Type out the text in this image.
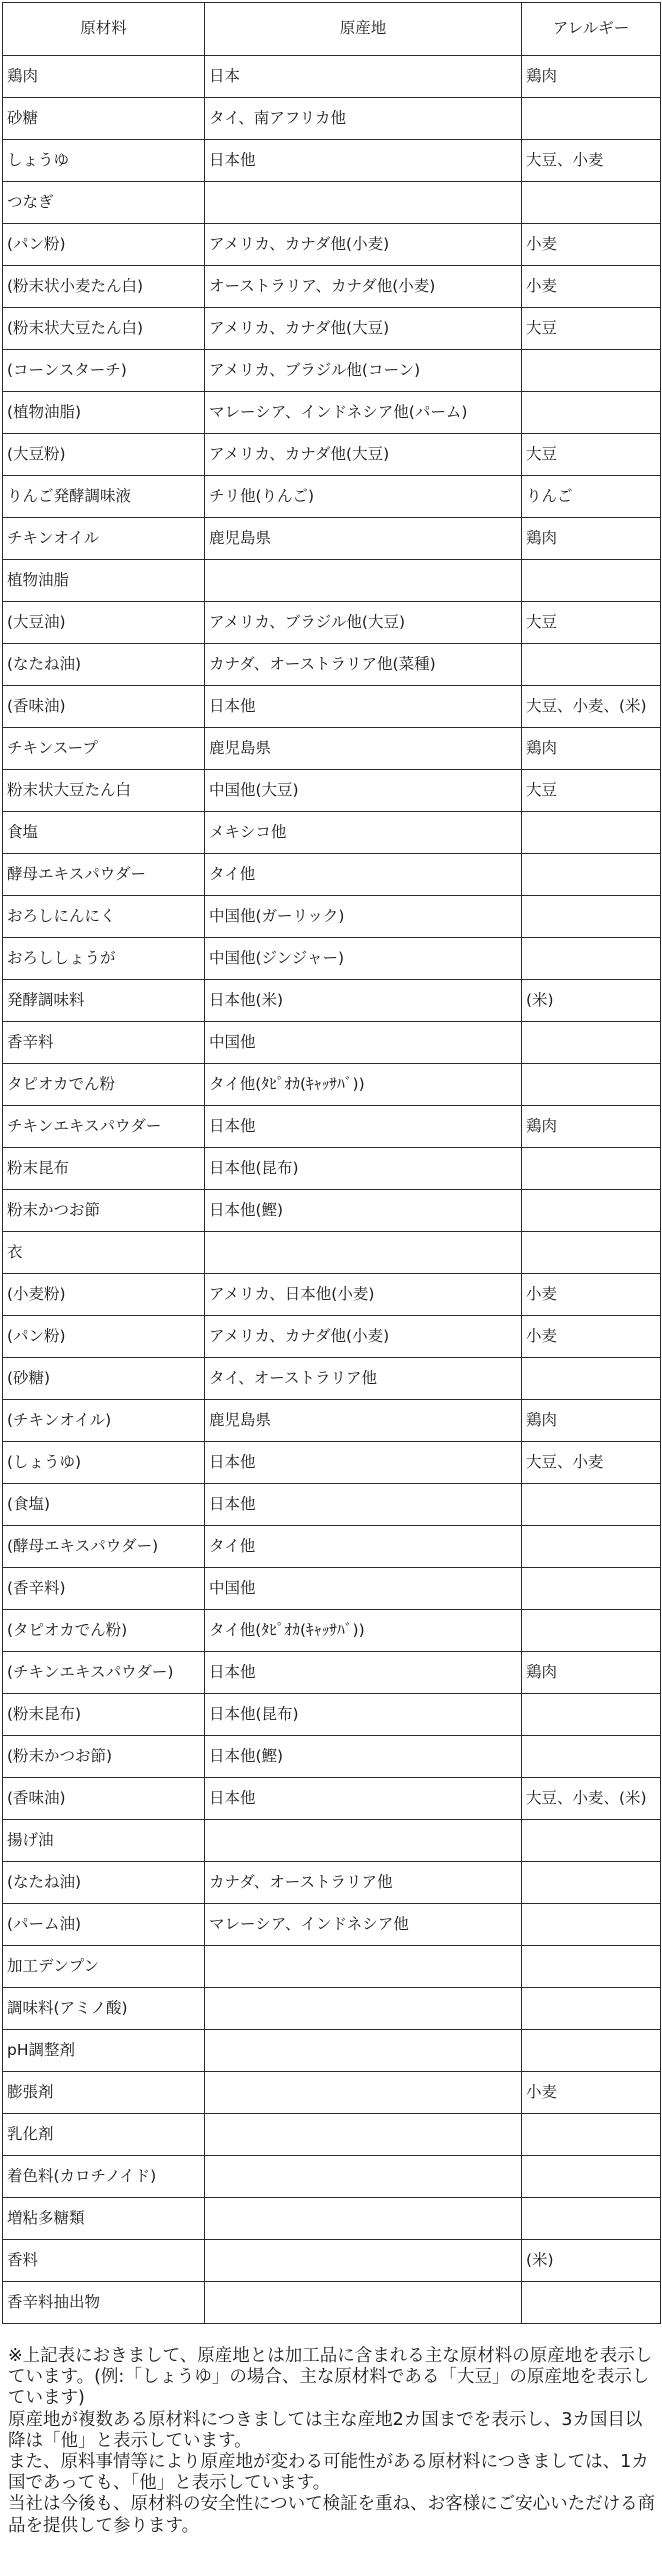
原材料	原産地	アレルギー
鶏肉	日本	鶏肉
砂糖	タイ、南アフリカ他	
しょうゆ	日本他	大豆、小麦
つなぎ		
(パン粉)	アメリカ、カナダ他(小麦)	小麦
(粉末状小麦たん白)	オーストラリア、カナダ他(小麦)	小麦
(粉末状大豆たん白)	アメリカ、カナダ他(大豆)	大豆
(コーンスターチ)	アメリカ、ブラジル他(コーン)	
(植物油脂)	マレーシア、インドネシア他(パーム)	
(大豆粉)	アメリカ、カナダ他(大豆)	大豆
りんご発酵調味液	チリ他(りんご)	りんご
チキンオイル	鹿児島県	鶏肉
植物油脂		
(大豆油)	アメリカ、ブラジル他(大豆)	大豆
(なたね油)	カナダ、オーストラリア他(菜種)	
(香味油)	日本他	大豆、小麦、(米)
チキンスープ	鹿児島県	鶏肉
粉末状大豆たん白	中国他(大豆)	大豆
食塩	メキシコ他	
酵母エキスパウダー	タイ他	
おろしにんにく	中国他(ガーリック)	
おろししょうが	中国他(ジンジャー)	
発酵調味料	日本他(米)	(米)
香辛料	中国他	
タピオカでん粉	タイ他(ﾀﾋﾟｵｶ(ｷｬｯｻﾊﾞ))	
チキンエキスパウダー	日本他	鶏肉
粉末昆布	日本他(昆布)	
粉末かつお節	日本他(鰹)	
衣		
(小麦粉)	アメリカ、日本他(小麦)	小麦
(パン粉)	アメリカ、カナダ他(小麦)	小麦
(砂糖)	タイ、オーストラリア他	
(チキンオイル)	鹿児島県	鶏肉
(しょうゆ)	日本他	大豆、小麦
(食塩)	日本他	
(酵母エキスパウダー)	タイ他	
(香辛料)	中国他	
(タピオカでん粉)	タイ他(ﾀﾋﾟｵｶ(ｷｬｯｻﾊﾞ))	
(チキンエキスパウダー)	日本他	鶏肉
(粉末昆布)	日本他(昆布)	
(粉末かつお節)	日本他(鰹)	
(香味油)	日本他	大豆、小麦、(米)
揚げ油		
(なたね油)	カナダ、オーストラリア他	
(パーム油)	マレーシア、インドネシア他	
加工デンプン		
調味料(アミノ酸)		
pH調整剤		
膨張剤		小麦
乳化剤		
着色料(カロチノイド)		
増粘多糖類		
香料		(米)
香辛料抽出物		

※上記表におきまして、原産地とは加工品に含まれる主な原材料の原産地を表示しています。(例:「しょうゆ」の場合、主な原材料である「大豆」の原産地を表示しています)

原産地が複数ある原材料につきましては主な産地2カ国までを表示し、3カ国目以降は「他」と表示しています。

また、原料事情等により原産地が変わる可能性がある原材料につきましては、1カ国であっても、「他」と表示しています。

当社は今後も、原材料の安全性について検証を重ね、お客様にご安心いただける商品を提供して参ります。
